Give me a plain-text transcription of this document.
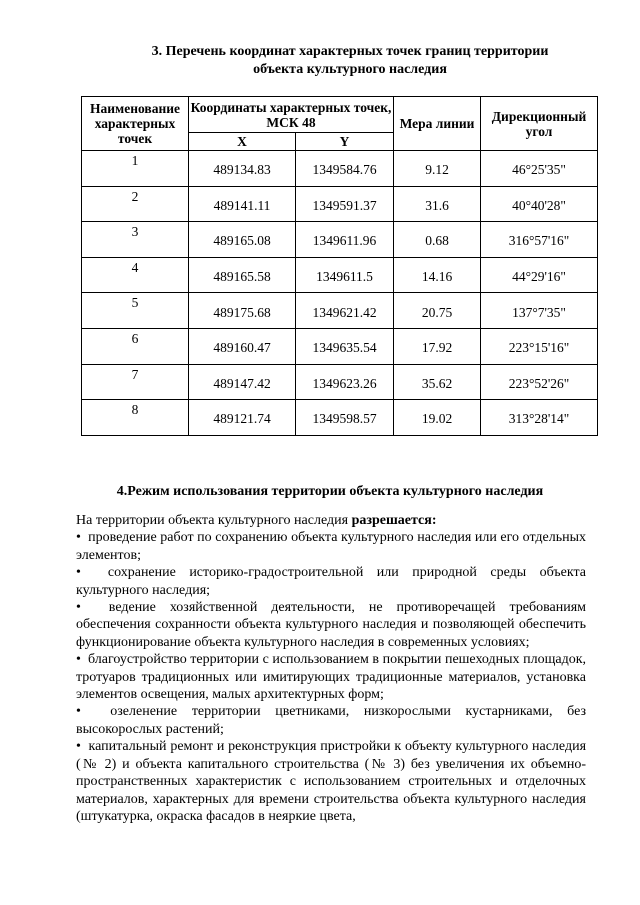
3. Перечень координат характерных точек границ территории
объекта культурного наследия
Наименование характерных точек	Координаты характерных точек, МСК 48		Мера линии	Дирекционный угол
	X	Y		
1	489134.83	1349584.76	9.12	46°25'35"
2	489141.11	1349591.37	31.6	40°40'28"
3	489165.08	1349611.96	0.68	316°57'16"
4	489165.58	1349611.5	14.16	44°29'16"
5	489175.68	1349621.42	20.75	137°7'35"
6	489160.47	1349635.54	17.92	223°15'16"
7	489147.42	1349623.26	35.62	223°52'26"
8	489121.74	1349598.57	19.02	313°28'14"
4.Режим использования территории объекта культурного наследия

На территории объекта культурного наследия разрешается:

• проведение работ по сохранению объекта культурного наследия или его отдельных элементов;

• сохранение историко-градостроительной или природной среды объекта культурного наследия;

• ведение хозяйственной деятельности, не противоречащей требованиям обеспечения сохранности объекта культурного наследия и позволяющей обеспечить функционирование объекта культурного наследия в современных условиях;

• благоустройство территории с использованием в покрытии пешеходных площадок, тротуаров традиционных или имитирующих традиционные материалов, установка элементов освещения, малых архитектурных форм;

• озеленение территории цветниками, низкорослыми кустарниками, без высокорослых растений;

• капитальный ремонт и реконструкция пристройки к объекту культурного наследия (№ 2) и объекта капитального строительства (№ 3) без увеличения их объемно-пространственных характеристик с использованием строительных и отделочных материалов, характерных для времени строительства объекта культурного наследия (штукатурка, окраска фасадов в неяркие цвета,
